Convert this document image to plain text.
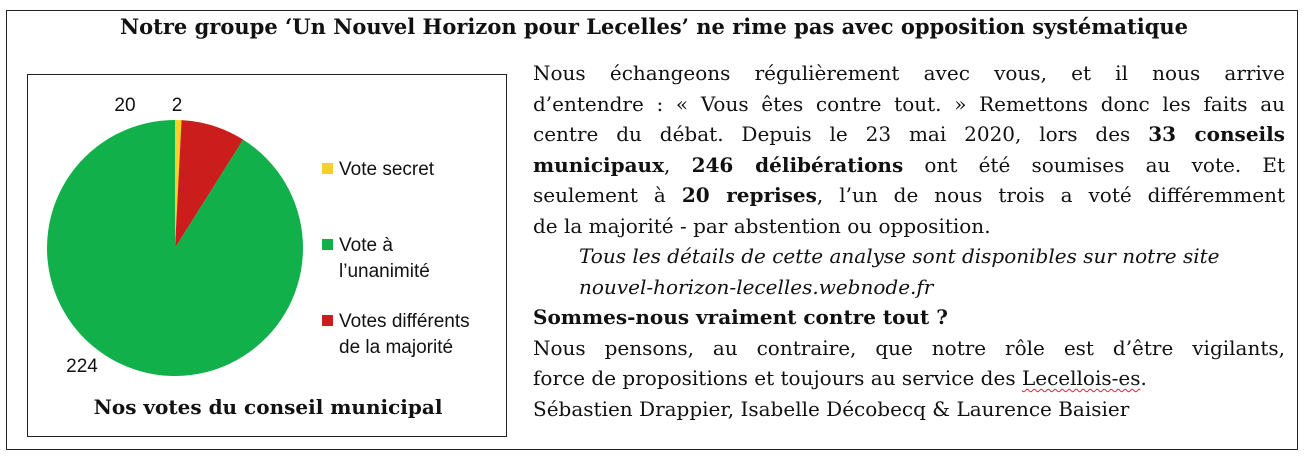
Notre groupe ‘Un Nouvel Horizon pour Lecelles’ ne rime pas avec opposition systématique
2
20
224
Vote secret
Vote à
l’unanimité
Votes différents
de la majorité
Nos votes du conseil municipal

Nous échangeons régulièrement avec vous, et il nous arrive

d’entendre : « Vous êtes contre tout. » Remettons donc les faits au

centre du débat. Depuis le 23 mai 2020, lors des 33 conseils

municipaux, 246 délibérations ont été soumises au vote. Et

seulement à 20 reprises, l’un de nous trois a voté différemment

de la majorité - par abstention ou opposition.

Tous les détails de cette analyse sont disponibles sur notre site

nouvel-horizon-lecelles.webnode.fr

Sommes-nous vraiment contre tout ?

Nous pensons, au contraire, que notre rôle est d’être vigilants,

force de propositions et toujours au service des Lecellois-es.

Sébastien Drappier, Isabelle Décobecq & Laurence Baisier
